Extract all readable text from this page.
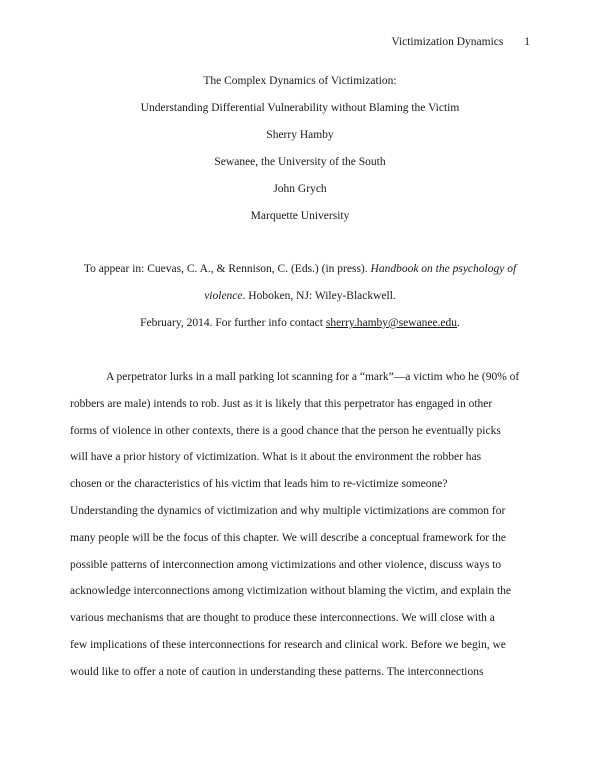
Victimization Dynamics 1
The Complex Dynamics of Victimization:
Understanding Differential Vulnerability without Blaming the Victim
Sherry Hamby
Sewanee, the University of the South
John Grych
Marquette University
To appear in: Cuevas, C. A., & Rennison, C. (Eds.) (in press). Handbook on the psychology of
violence. Hoboken, NJ: Wiley-Blackwell.
February, 2014. For further info contact sherry.hamby@sewanee.edu.
A perpetrator lurks in a mall parking lot scanning for a “mark”—a victim who he (90% of
robbers are male) intends to rob. Just as it is likely that this perpetrator has engaged in other
forms of violence in other contexts, there is a good chance that the person he eventually picks
will have a prior history of victimization. What is it about the environment the robber has
chosen or the characteristics of his victim that leads him to re-victimize someone?
Understanding the dynamics of victimization and why multiple victimizations are common for
many people will be the focus of this chapter. We will describe a conceptual framework for the
possible patterns of interconnection among victimizations and other violence, discuss ways to
acknowledge interconnections among victimization without blaming the victim, and explain the
various mechanisms that are thought to produce these interconnections. We will close with a
few implications of these interconnections for research and clinical work. Before we begin, we
would like to offer a note of caution in understanding these patterns. The interconnections
